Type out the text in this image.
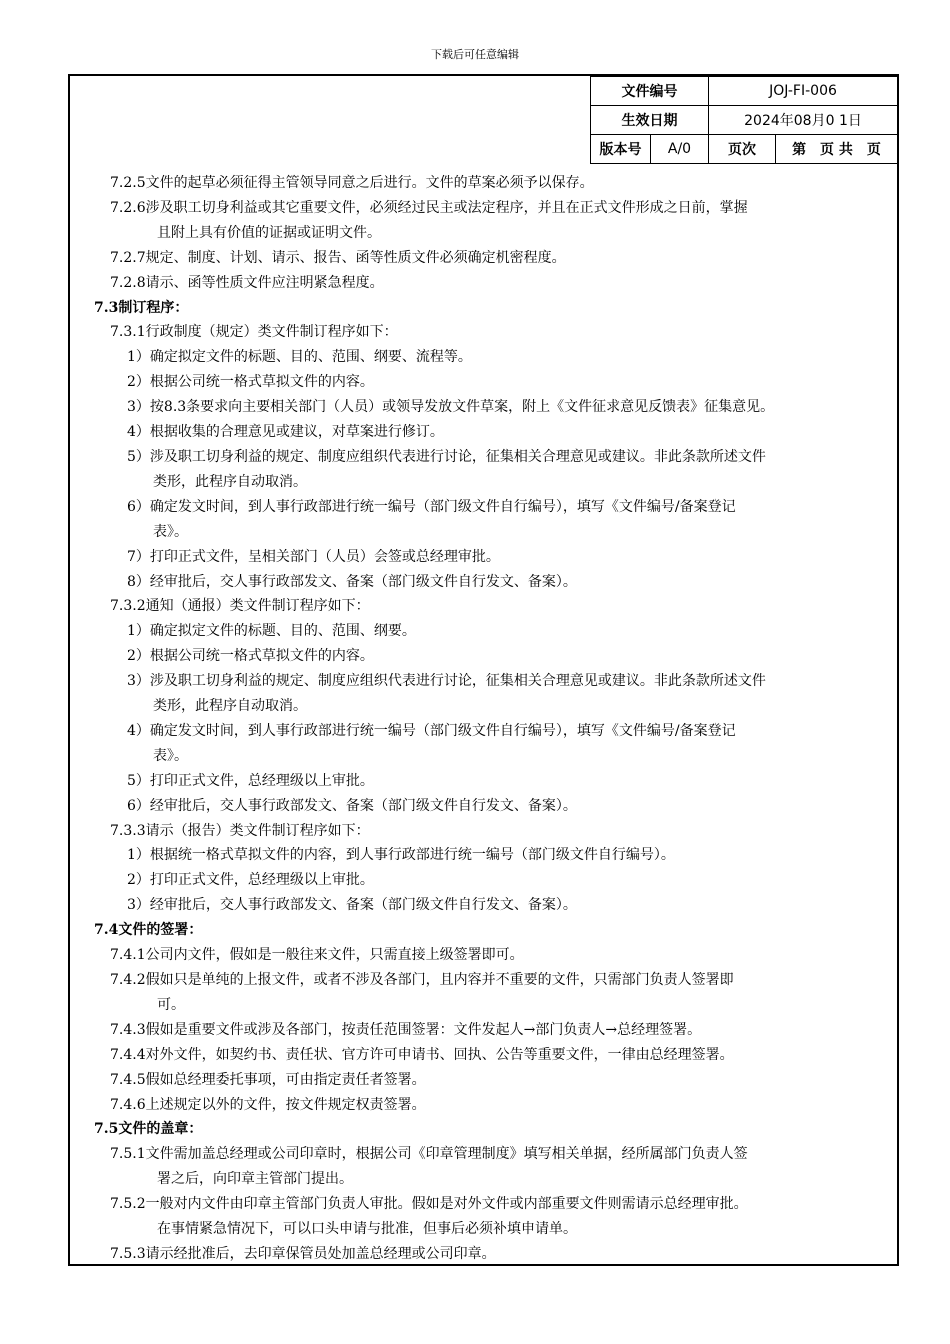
下载后可任意编辑
文件编号		JOJ-FI-006	
生效日期		2024年08月0 1日	
版本号	A/0	页次	第　页 共　页
7.2.5文件的起草必须征得主管领导同意之后进行。文件的草案必须予以保存。
7.2.6涉及职工切身利益或其它重要文件，必须经过民主或法定程序，并且在正式文件形成之日前，掌握
且附上具有价值的证据或证明文件。
7.2.7规定、制度、计划、请示、报告、函等性质文件必须确定机密程度。
7.2.8请示、函等性质文件应注明紧急程度。
7.3制订程序：
7.3.1行政制度（规定）类文件制订程序如下：
1）确定拟定文件的标题、目的、范围、纲要、流程等。
2）根据公司统一格式草拟文件的内容。
3）按8.3条要求向主要相关部门（人员）或领导发放文件草案，附上《文件征求意见反馈表》征集意见。
4）根据收集的合理意见或建议，对草案进行修订。
5）涉及职工切身利益的规定、制度应组织代表进行讨论，征集相关合理意见或建议。非此条款所述文件
类形，此程序自动取消。
6）确定发文时间，到人事行政部进行统一编号（部门级文件自行编号），填写《文件编号/备案登记
表》。
7）打印正式文件，呈相关部门（人员）会签或总经理审批。
8）经审批后，交人事行政部发文、备案（部门级文件自行发文、备案）。
7.3.2通知（通报）类文件制订程序如下：
1）确定拟定文件的标题、目的、范围、纲要。
2）根据公司统一格式草拟文件的内容。
3）涉及职工切身利益的规定、制度应组织代表进行讨论，征集相关合理意见或建议。非此条款所述文件
类形，此程序自动取消。
4）确定发文时间，到人事行政部进行统一编号（部门级文件自行编号），填写《文件编号/备案登记
表》。
5）打印正式文件，总经理级以上审批。
6）经审批后，交人事行政部发文、备案（部门级文件自行发文、备案）。
7.3.3请示（报告）类文件制订程序如下：
1）根据统一格式草拟文件的内容，到人事行政部进行统一编号（部门级文件自行编号）。
2）打印正式文件，总经理级以上审批。
3）经审批后，交人事行政部发文、备案（部门级文件自行发文、备案）。
7.4文件的签署：
7.4.1公司内文件，假如是一般往来文件，只需直接上级签署即可。
7.4.2假如只是单纯的上报文件，或者不涉及各部门，且内容并不重要的文件，只需部门负责人签署即
可。
7.4.3假如是重要文件或涉及各部门，按责任范围签署：文件发起人→部门负责人→总经理签署。
7.4.4对外文件，如契约书、责任状、官方许可申请书、回执、公告等重要文件，一律由总经理签署。
7.4.5假如总经理委托事项，可由指定责任者签署。
7.4.6上述规定以外的文件，按文件规定权责签署。
7.5文件的盖章：
7.5.1文件需加盖总经理或公司印章时，根据公司《印章管理制度》填写相关单据，经所属部门负责人签
署之后，向印章主管部门提出。
7.5.2一般对内文件由印章主管部门负责人审批。假如是对外文件或内部重要文件则需请示总经理审批。
在事情紧急情况下，可以口头申请与批准，但事后必须补填申请单。
7.5.3请示经批准后，去印章保管员处加盖总经理或公司印章。
